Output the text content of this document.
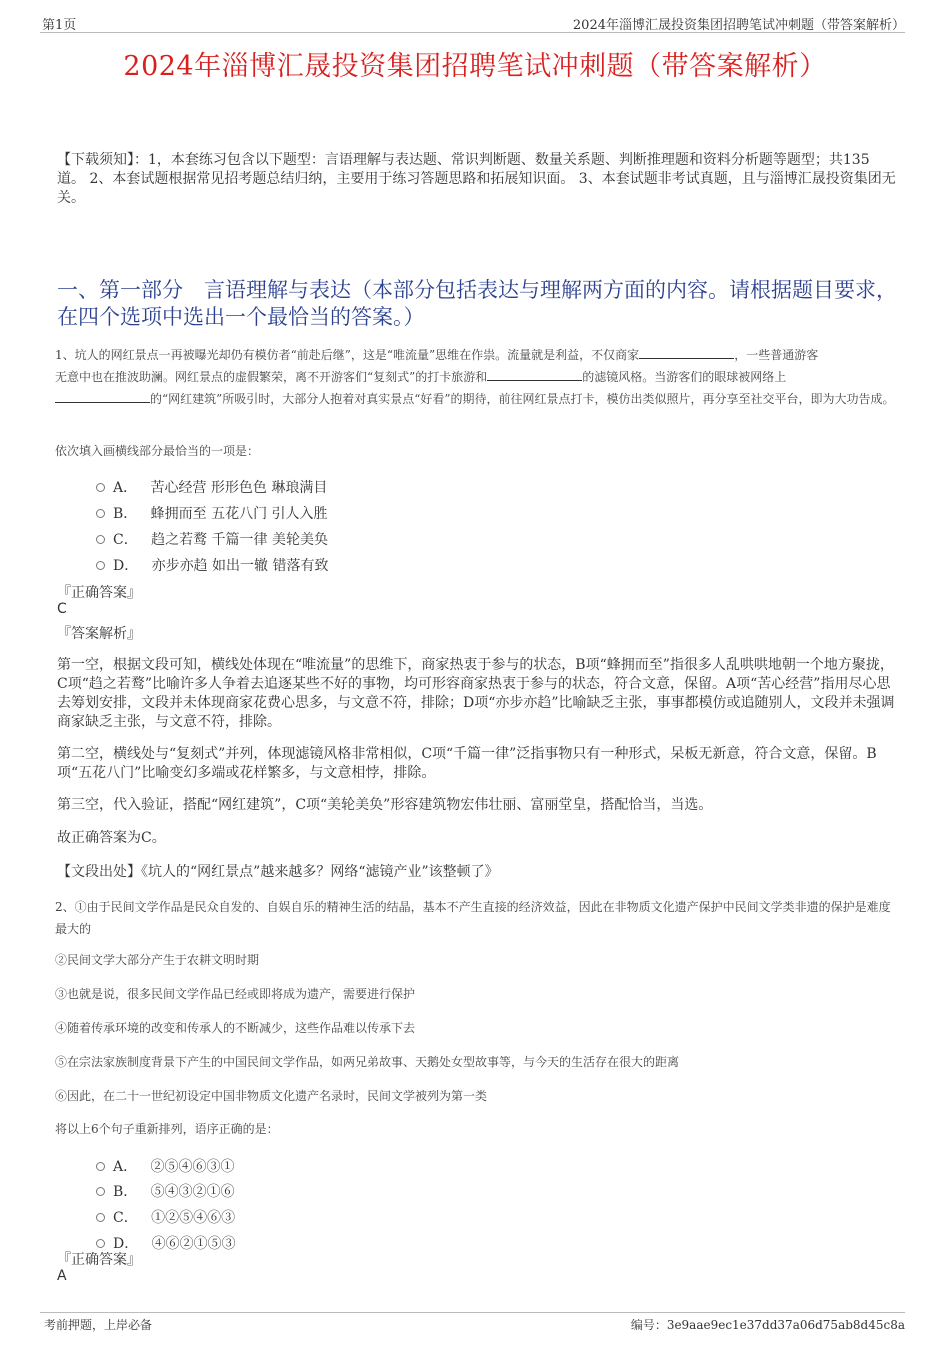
第1页	2024年淄博汇晟投资集团招聘笔试冲刺题（带答案解析）
2024年淄博汇晟投资集团招聘笔试冲刺题（带答案解析）
【下载须知】：1，本套练习包含以下题型：言语理解与表达题、常识判断题、数量关系题、判断推理题和资料分析题等题型；共135道。 2、本套试题根据常见招考题总结归纳，主要用于练习答题思路和拓展知识面。 3、本套试题非考试真题，且与淄博汇晟投资集团无关。
一、第一部分　言语理解与表达（本部分包括表达与理解两方面的内容。请根据题目要求，在四个选项中选出一个最恰当的答案。）
1、坑人的网红景点一再被曝光却仍有模仿者“前赴后继”，这是“唯流量”思维在作祟。流量就是利益，不仅商家	，一些普通游客
无意中也在推波助澜。网红景点的虚假繁荣，离不开游客们“复刻式”的打卡旅游和	的滤镜风格。当游客们的眼球被网络上
的“网红建筑”所吸引时，大部分人抱着对真实景点“好看”的期待，前往网红景点打卡，模仿出类似照片，再分享至社交平台，即为大功告成。
依次填入画横线部分最恰当的一项是：
A． 苦心经营 形形色色 琳琅满目
B． 蜂拥而至 五花八门 引人入胜
C． 趋之若鹜 千篇一律 美轮美奂
D． 亦步亦趋 如出一辙 错落有致
『正确答案』
C
『答案解析』
第一空，根据文段可知，横线处体现在“唯流量”的思维下，商家热衷于参与的状态，B项“蜂拥而至”指很多人乱哄哄地朝一个地方聚拢，C项“趋之若鹜”比喻许多人争着去追逐某些不好的事物，均可形容商家热衷于参与的状态，符合文意，保留。A项“苦心经营”指用尽心思去筹划安排，文段并未体现商家花费心思多，与文意不符，排除；D项“亦步亦趋”比喻缺乏主张，事事都模仿或追随别人，文段并未强调商家缺乏主张，与文意不符，排除。
第二空，横线处与“复刻式”并列，体现滤镜风格非常相似，C项“千篇一律”泛指事物只有一种形式，呆板无新意，符合文意，保留。B项“五花八门”比喻变幻多端或花样繁多，与文意相悖，排除。
第三空，代入验证，搭配“网红建筑”，C项“美轮美奂”形容建筑物宏伟壮丽、富丽堂皇，搭配恰当，当选。
故正确答案为C。
【文段出处】《坑人的“网红景点”越来越多？网络“滤镜产业”该整顿了》
2、①由于民间文学作品是民众自发的、自娱自乐的精神生活的结晶，基本不产生直接的经济效益，因此在非物质文化遗产保护中民间文学类非遗的保护是难度最大的
②民间文学大部分产生于农耕文明时期
③也就是说，很多民间文学作品已经或即将成为遗产，需要进行保护
④随着传承环境的改变和传承人的不断减少，这些作品难以传承下去
⑤在宗法家族制度背景下产生的中国民间文学作品，如两兄弟故事、天鹅处女型故事等，与今天的生活存在很大的距离
⑥因此，在二十一世纪初设定中国非物质文化遗产名录时，民间文学被列为第一类
将以上6个句子重新排列，语序正确的是：
A． ②⑤④⑥③①
B． ⑤④③②①⑥
C． ①②⑤④⑥③
D． ④⑥②①⑤③
『正确答案』
A
考前押题，上岸必备	编号：3e9aae9ec1e37dd37a06d75ab8d45c8a
